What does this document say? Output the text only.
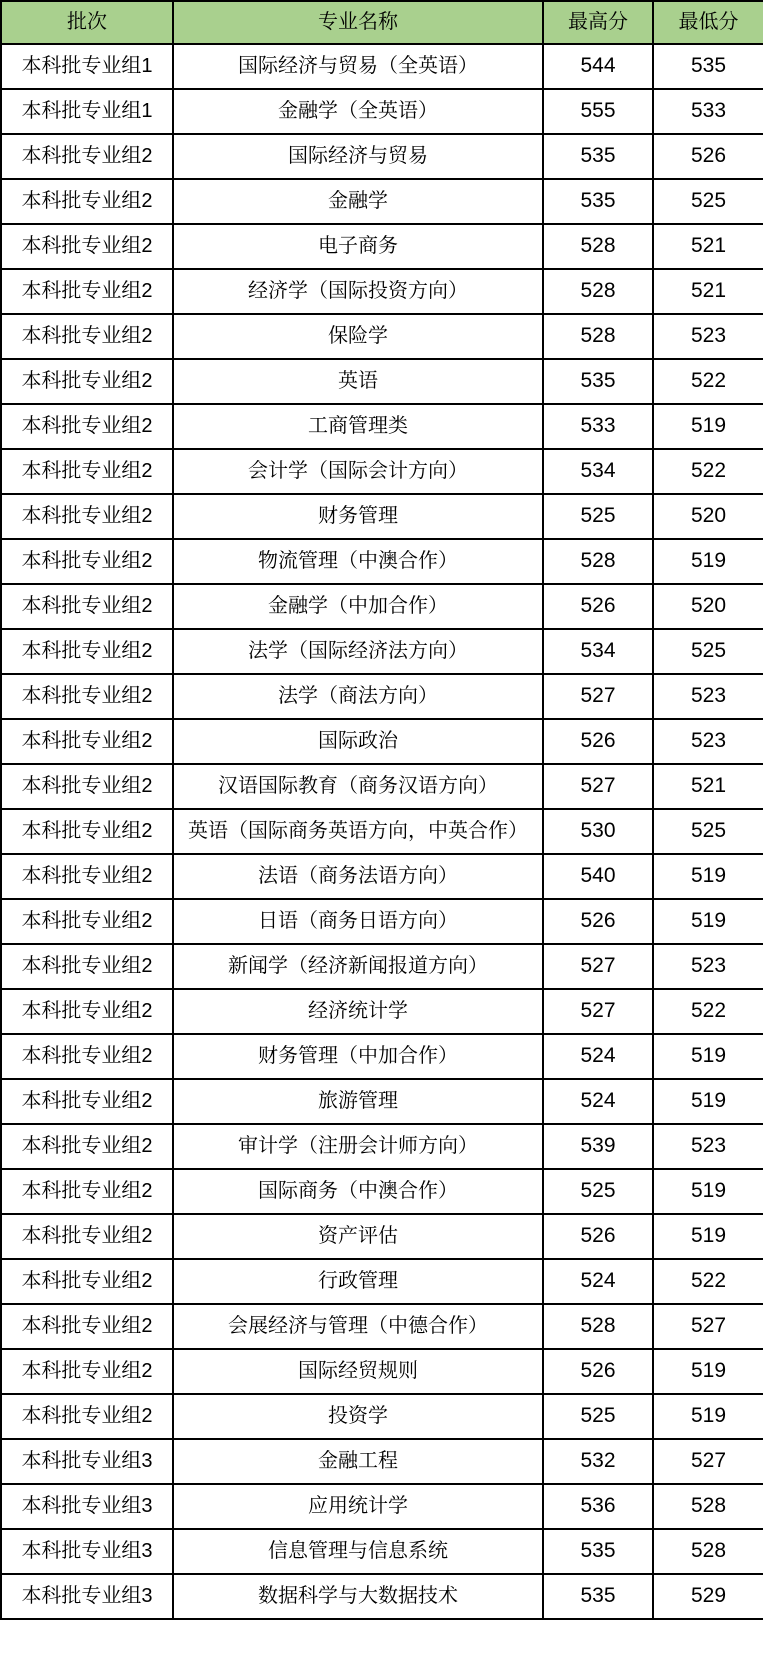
批次	专业名称	最高分	最低分
本科批专业组1	国际经济与贸易（全英语）	544	535
本科批专业组1	金融学（全英语）	555	533
本科批专业组2	国际经济与贸易	535	526
本科批专业组2	金融学	535	525
本科批专业组2	电子商务	528	521
本科批专业组2	经济学（国际投资方向）	528	521
本科批专业组2	保险学	528	523
本科批专业组2	英语	535	522
本科批专业组2	工商管理类	533	519
本科批专业组2	会计学（国际会计方向）	534	522
本科批专业组2	财务管理	525	520
本科批专业组2	物流管理（中澳合作）	528	519
本科批专业组2	金融学（中加合作）	526	520
本科批专业组2	法学（国际经济法方向）	534	525
本科批专业组2	法学（商法方向）	527	523
本科批专业组2	国际政治	526	523
本科批专业组2	汉语国际教育（商务汉语方向）	527	521
本科批专业组2	英语（国际商务英语方向，中英合作）	530	525
本科批专业组2	法语（商务法语方向）	540	519
本科批专业组2	日语（商务日语方向）	526	519
本科批专业组2	新闻学（经济新闻报道方向）	527	523
本科批专业组2	经济统计学	527	522
本科批专业组2	财务管理（中加合作）	524	519
本科批专业组2	旅游管理	524	519
本科批专业组2	审计学（注册会计师方向）	539	523
本科批专业组2	国际商务（中澳合作）	525	519
本科批专业组2	资产评估	526	519
本科批专业组2	行政管理	524	522
本科批专业组2	会展经济与管理（中德合作）	528	527
本科批专业组2	国际经贸规则	526	519
本科批专业组2	投资学	525	519
本科批专业组3	金融工程	532	527
本科批专业组3	应用统计学	536	528
本科批专业组3	信息管理与信息系统	535	528
本科批专业组3	数据科学与大数据技术	535	529
